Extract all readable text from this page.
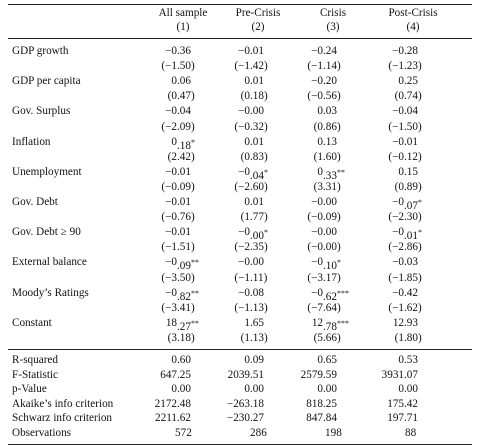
All sample	Pre-Crisis	Crisis	Post-Crisis
(1)	(2)	(3)	(4)
GDP growth	−0 .36	−0 .01	−0 .24	−0 .28
(−1 .50)	(−1 .42)	(−1 .14)	(−1 .23)
GDP per capita	0 .06	0 .01	−0 .20	0 .25
(0 .47)	(0 .18)	(−0 .56)	(0 .74)
Gov. Surplus	−0 .04	−0 .00	0 .03	−0 .04
(−2 .09)	(−0 .32)	(0 .86)	(−1 .50)
Inflation	0 .18*	0 .01	0 .13	−0 .01
(2 .42)	(0 .83)	(1 .60)	(−0 .12)
Unemployment	−0 .01	−0 .04*	0 .33**	0 .15
(−0 .09)	(−2 .60)	(3 .31)	(0 .89)
Gov. Debt	−0 .01	0 .01	−0 .00	−0 .07*
(−0 .76)	(1 .77)	(−0 .09)	(−2 .30)
Gov. Debt ≥ 90	−0 .01	−0 .00*	−0 .00	−0 .01*
(−1 .51)	(−2 .35)	(−0 .00)	(−2 .86)
External balance	−0 .09**	−0 .00	−0 .10*	−0 .03
(−3 .50)	(−1 .11)	(−3 .17)	(−1 .85)
Moody’s Ratings	−0 .82**	−0 .08	−0 .62***	−0 .42
(−3 .41)	(−1 .13)	(−7 .64)	(−1 .62)
Constant	18 .27**	1 .65	12 .78***	12 .93
(3 .18)	(1 .13)	(5 .66)	(1 .80)
R-squared	0 .60	0 .09	0 .65	0 .53
F-Statistic	647 .25	2039 .51	2579 .59	3931 .07
p-Value	0 .00	0 .00	0 .00	0 .00
Akaike’s info criterion	2172 .48	−263 .18	818 .25	175 .42
Schwarz info criterion	2211 .62	−230 .27	847 .84	197 .71
Observations	572	286	198	88
